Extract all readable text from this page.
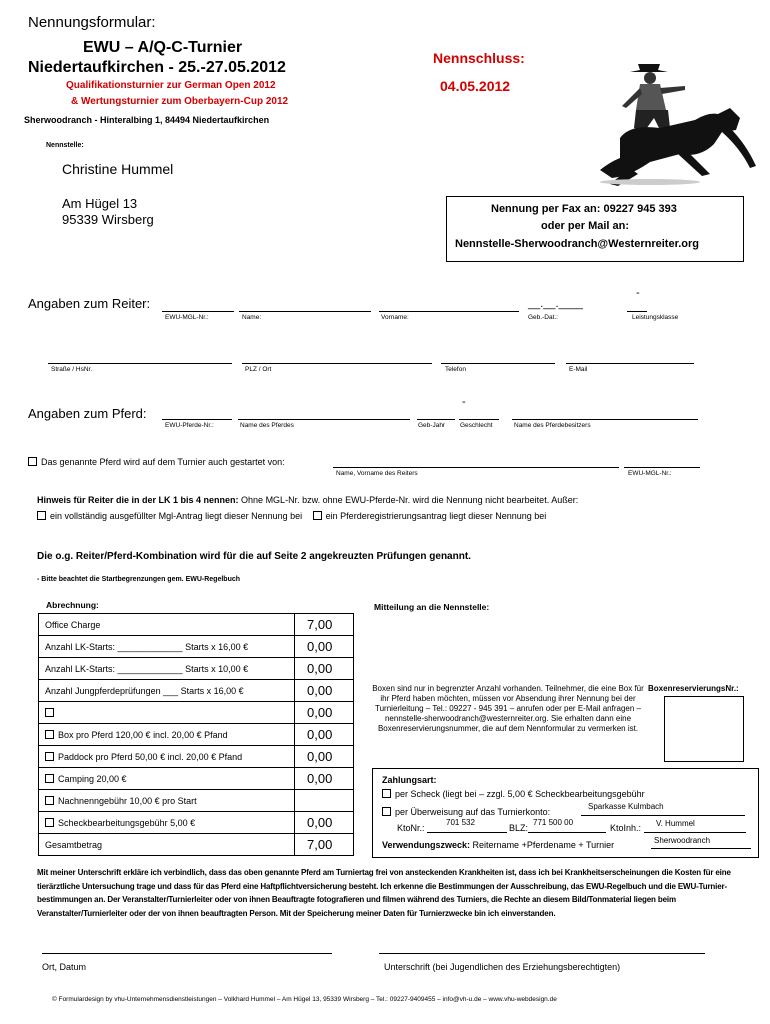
Nennungsformular:
EWU – A/Q-C-Turnier
Niedertaufkirchen - 25.-27.05.2012
Qualifikationsturnier zur German Open 2012
& Wertungsturnier zum Oberbayern-Cup 2012
Nennschluss:
04.05.2012
Sherwoodranch - Hinteralbing 1, 84494 Niedertaufkirchen
Nennstelle:
Christine Hummel
Am Hügel 13
95339 Wirsberg
Nennung per Fax an: 09227 945 393
oder per Mail an:
Nennstelle-Sherwoodranch@Westernreiter.org
Angaben zum Reiter:	__.__.____
-
EWU-MGL-Nr.:	Name:	Vorname:	Geb.-Dat.:	Leistungsklasse
Straße / HsNr.	PLZ / Ort	Telefon	E-Mail
Angaben zum Pferd:
-
EWU-Pferde-Nr.:	Name des Pferdes	Geb-Jahr Geschlecht	Name des Pferdebesitzers
Das genannte Pferd wird auf dem Turnier auch gestartet von:
Name, Vorname des Reiters	EWU-MGL-Nr.:
Hinweis für Reiter die in der LK 1 bis 4 nennen: Ohne MGL-Nr. bzw. ohne EWU-Pferde-Nr. wird die Nennung nicht bearbeitet. Außer:
ein vollständig ausgefüllter Mgl-Antrag liegt dieser Nennung bei	ein Pferderegistrierungsantrag liegt dieser Nennung bei
Die o.g. Reiter/Pferd-Kombination wird für die auf Seite 2 angekreuzten Prüfungen genannt.
- Bitte beachtet die Startbegrenzungen gem. EWU-Regelbuch
Abrechnung:
Office Charge	7,00
Anzahl LK-Starts: _____________ Starts x 16,00 €	0,00
Anzahl LK-Starts: _____________ Starts x 10,00 €	0,00
Anzahl Jungpferdeprüfungen ___ Starts x 16,00 €	0,00
	0,00
Box pro Pferd 120,00 € incl. 20,00 € Pfand	0,00
Paddock pro Pferd 50,00 € incl. 20,00 € Pfand	0,00
Camping 20,00 €	0,00
Nachnenngebühr 10,00 € pro Start	
Scheckbearbeitungsgebühr 5,00 €	0,00
Gesamtbetrag	7,00
Mitteilung an die Nennstelle:
Boxen sind nur in begrenzter Anzahl vorhanden. Teilnehmer, die eine Box für ihr Pferd haben möchten, müssen vor Absendung ihrer Nennung bei der Turnierleitung – Tel.: 09227 - 945 391 – anrufen oder per E-Mail anfragen – nennstelle-sherwoodranch@westernreiter.org. Sie erhalten dann eine Boxenreservierungsnummer, die auf dem Nennformular zu vermerken ist.
BoxenreservierungsNr.:
Zahlungsart:
per Scheck (liegt bei – zzgl. 5,00 € Scheckbearbeitungsgebühr
per Überweisung auf das Turnierkonto:
Sparkasse Kulmbach
KtoNr.:
701 532
BLZ:
771 500 00
KtoInh.: V. Hummel
Verwendungszweck: Reitername +Pferdename + Turnier	Sherwoodranch
Mit meiner Unterschrift erkläre ich verbindlich, dass das oben genannte Pferd am Turniertag frei von ansteckenden Krankheiten ist, dass ich bei Krankheitserscheinungen die Kosten für eine tierärztliche Untersuchung trage und dass für das Pferd eine Haftpflichtversicherung besteht. Ich erkenne die Bestimmungen der Ausschreibung, das EWU-Regelbuch und die EWU-Turnier-bestimmungen an. Der Veranstalter/Turnierleiter oder von ihnen Beauftragte fotografieren und filmen während des Turniers, die Rechte an diesem Bild/Tonmaterial liegen beim Veranstalter/Turnierleiter oder der von ihnen beauftragten Person. Mit der Speicherung meiner Daten für Turnierzwecke bin ich einverstanden.
Ort, Datum	Unterschrift (bei Jugendlichen des Erziehungsberechtigten)
© Formulardesign by vhu-Unternehmensdienstleistungen – Volkhard Hummel – Am Hügel 13, 95339 Wirsberg – Tel.: 09227-9409455 – info@vh-u.de – www.vhu-webdesign.de
